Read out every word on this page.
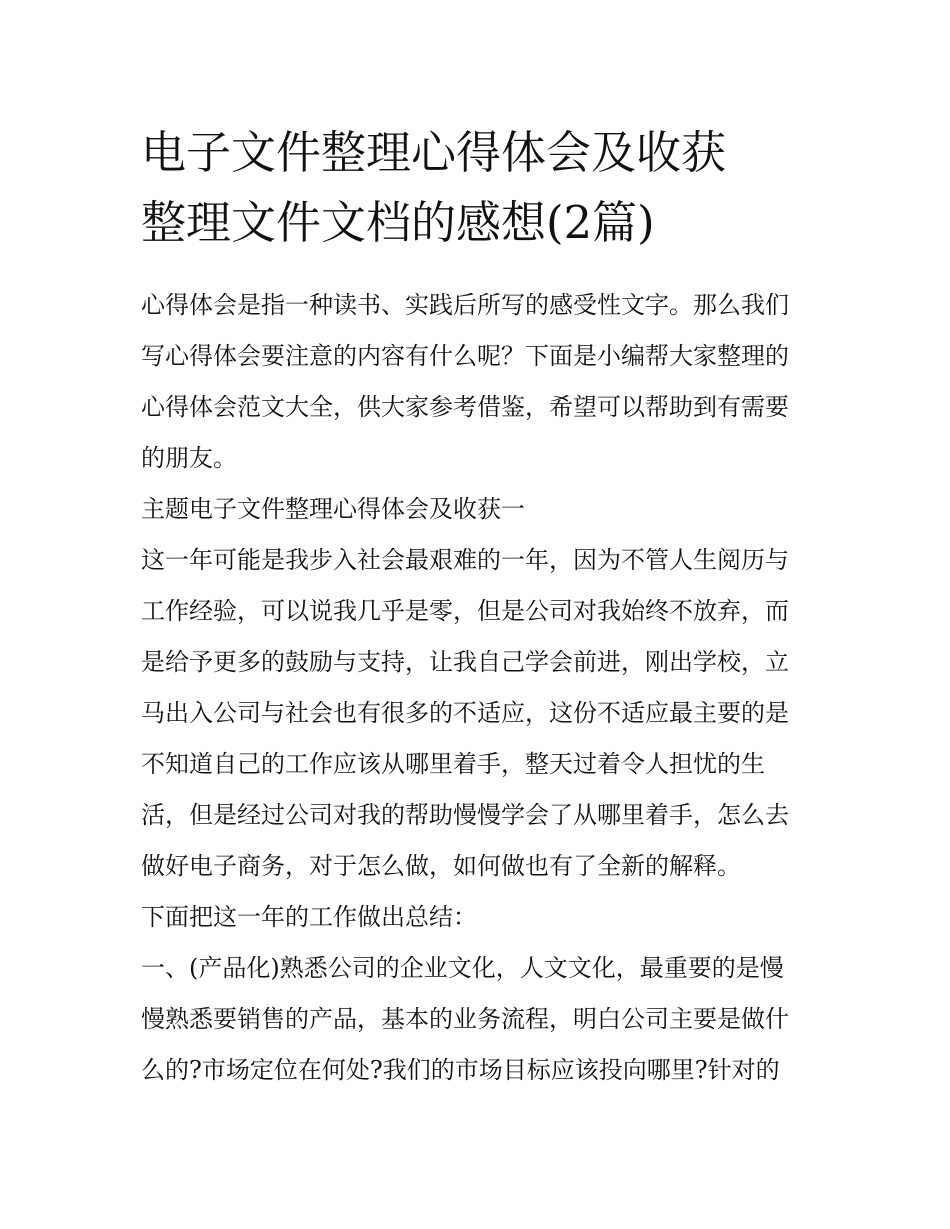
电子文件整理心得体会及收获
整理文件文档的感想(2篇)

心得体会是指一种读书、实践后所写的感受性文字。那么我们
写心得体会要注意的内容有什么呢？下面是小编帮大家整理的
心得体会范文大全，供大家参考借鉴，希望可以帮助到有需要
的朋友。

主题电子文件整理心得体会及收获一

这一年可能是我步入社会最艰难的一年，因为不管人生阅历与
工作经验，可以说我几乎是零，但是公司对我始终不放弃，而
是给予更多的鼓励与支持，让我自己学会前进，刚出学校，立
马出入公司与社会也有很多的不适应，这份不适应最主要的是
不知道自己的工作应该从哪里着手，整天过着令人担忧的生
活，但是经过公司对我的帮助慢慢学会了从哪里着手，怎么去
做好电子商务，对于怎么做，如何做也有了全新的解释。

下面把这一年的工作做出总结：

一、(产品化)熟悉公司的企业文化，人文文化，最重要的是慢
慢熟悉要销售的产品，基本的业务流程，明白公司主要是做什
么的?市场定位在何处?我们的市场目标应该投向哪里?针对的
